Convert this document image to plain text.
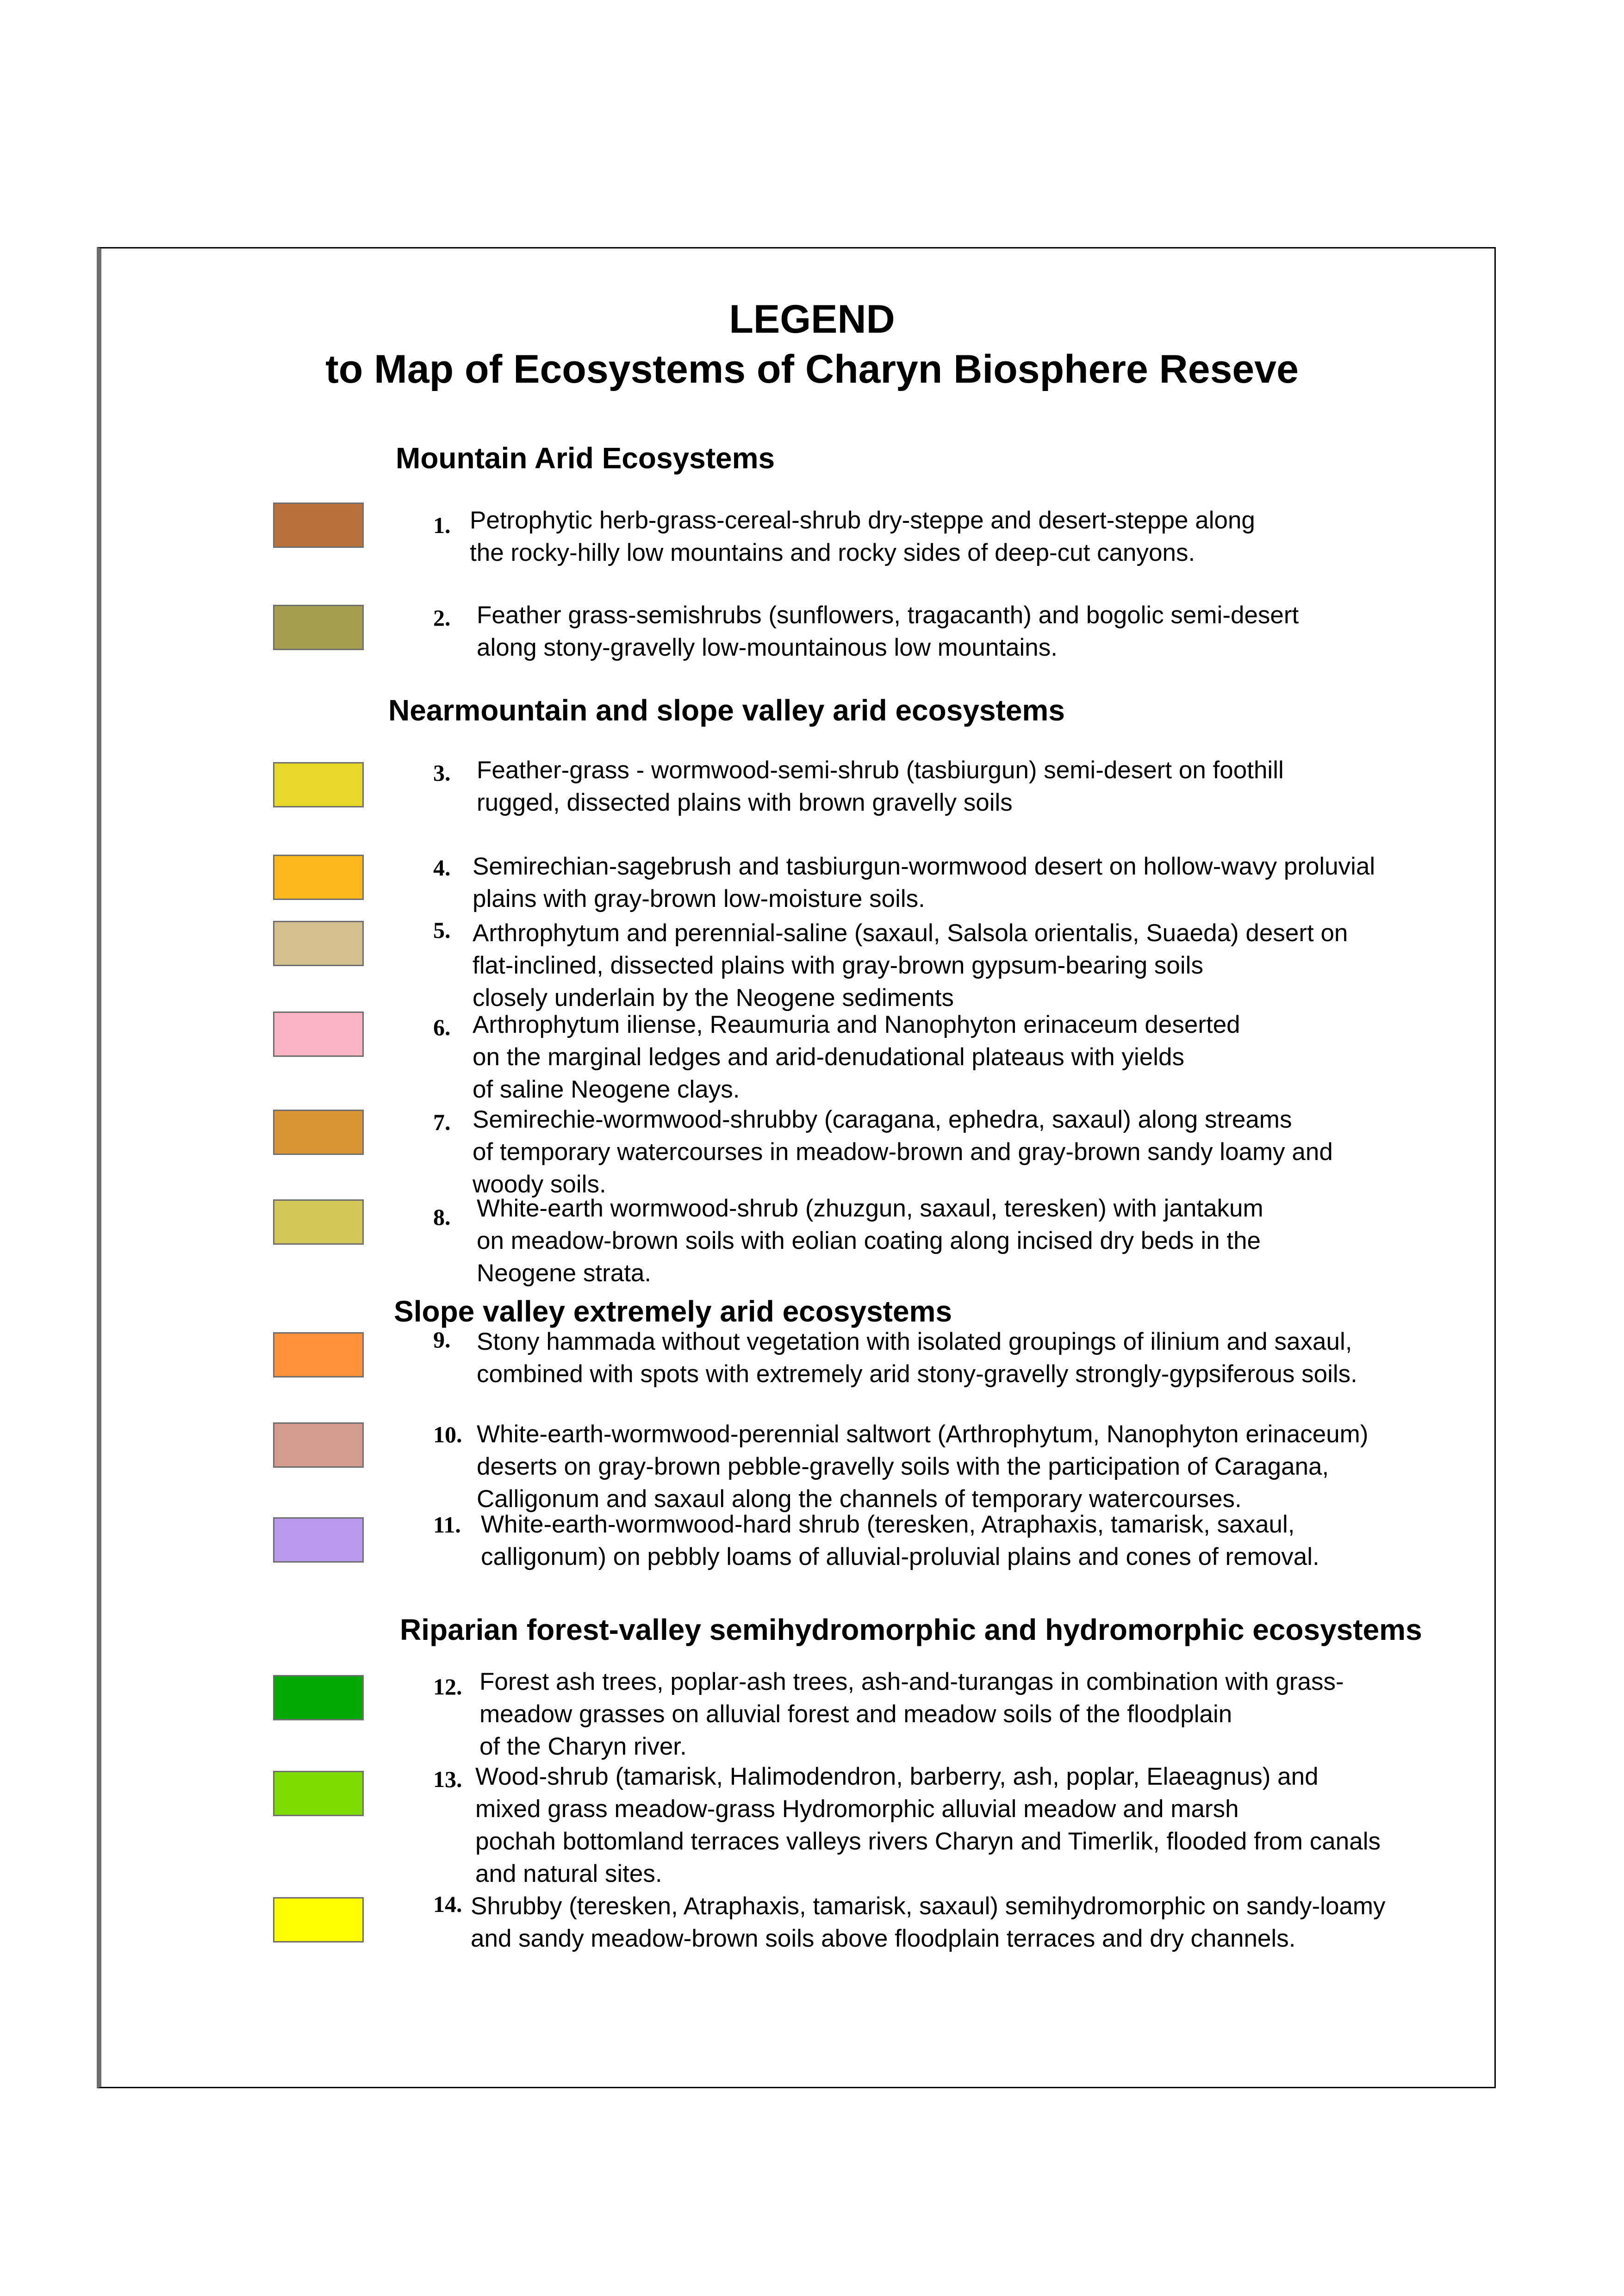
LEGEND
to Map of Ecosystems of Charyn Biosphere Reseve
Mountain Arid Ecosystems
Nearmountain and slope valley arid ecosystems
Slope valley extremely arid ecosystems
Riparian forest-valley semihydromorphic and hydromorphic ecosystems
1. Petrophytic herb-grass-cereal-shrub dry-steppe and desert-steppe along
the rocky-hilly low mountains and rocky sides of deep-cut canyons.
2. Feather grass-semishrubs (sunflowers, tragacanth) and bogolic semi-desert
along stony-gravelly low-mountainous low mountains.
3. Feather-grass - wormwood-semi-shrub (tasbiurgun) semi-desert on foothill
rugged, dissected plains with brown gravelly soils
4. Semirechian-sagebrush and tasbiurgun-wormwood desert on hollow-wavy proluvial
plains with gray-brown low-moisture soils.
5. Arthrophytum and perennial-saline (saxaul, Salsola orientalis, Suaeda) desert on
flat-inclined, dissected plains with gray-brown gypsum-bearing soils
closely underlain by the Neogene sediments
6. Arthrophytum iliense, Reaumuria and Nanophyton erinaceum deserted
on the marginal ledges and arid-denudational plateaus with yields
of saline Neogene clays.
7. Semirechie-wormwood-shrubby (caragana, ephedra, saxaul) along streams
of temporary watercourses in meadow-brown and gray-brown sandy loamy and
woody soils.
8. White-earth wormwood-shrub (zhuzgun, saxaul, teresken) with jantakum
on meadow-brown soils with eolian coating along incised dry beds in the
Neogene strata.
9. Stony hammada without vegetation with isolated groupings of ilinium and saxaul,
combined with spots with extremely arid stony-gravelly strongly-gypsiferous soils.
10. White-earth-wormwood-perennial saltwort (Arthrophytum, Nanophyton erinaceum)
deserts on gray-brown pebble-gravelly soils with the participation of Caragana,
Calligonum and saxaul along the channels of temporary watercourses.
11. White-earth-wormwood-hard shrub (teresken, Atraphaxis, tamarisk, saxaul,
calligonum) on pebbly loams of alluvial-proluvial plains and cones of removal.
12. Forest ash trees, poplar-ash trees, ash-and-turangas in combination with grass-
meadow grasses on alluvial forest and meadow soils of the floodplain
of the Charyn river.
13. Wood-shrub (tamarisk, Halimodendron, barberry, ash, poplar, Elaeagnus) and
mixed grass meadow-grass Hydromorphic alluvial meadow and marsh
pochah bottomland terraces valleys rivers Charyn and Timerlik, flooded from canals
and natural sites.
14. Shrubby (teresken, Atraphaxis, tamarisk, saxaul) semihydromorphic on sandy-loamy
and sandy meadow-brown soils above floodplain terraces and dry channels.
